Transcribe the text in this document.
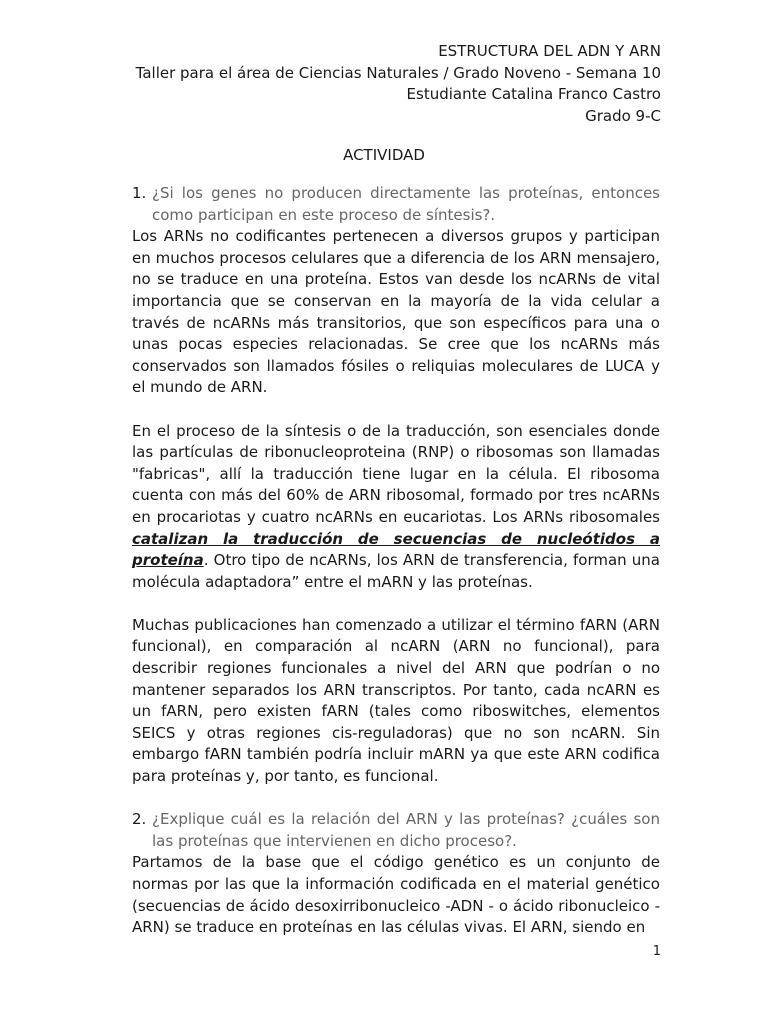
ESTRUCTURA DEL ADN Y ARN
Taller para el área de Ciencias Naturales / Grado Noveno - Semana 10
Estudiante Catalina Franco Castro
Grado 9-C
ACTIVIDAD
1. ¿Si los genes no producen directamente las proteínas, entonces como participan en este proceso de síntesis?.

Los ARNs no codificantes pertenecen a diversos grupos y participan en muchos procesos celulares que a diferencia de los ARN mensajero, no se traduce en una proteína. Estos van desde los ncARNs de vital importancia que se conservan en la mayoría de la vida celular a través de ncARNs más transitorios, que son específicos para una o unas pocas especies relacionadas. Se cree que los ncARNs más conservados son llamados fósiles o reliquias moleculares de LUCA y el mundo de ARN.

En el proceso de la síntesis o de la traducción, son esenciales donde las partículas de ribonucleoproteina (RNP) o ribosomas son llamadas "fabricas", allí la traducción tiene lugar en la célula. El ribosoma cuenta con más del 60% de ARN ribosomal, formado por tres ncARNs en procariotas y cuatro ncARNs en eucariotas. Los ARNs ribosomales catalizan la traducción de secuencias de nucleótidos a proteína. Otro tipo de ncARNs, los ARN de transferencia, forman una molécula adaptadora” entre el mARN y las proteínas.

Muchas publicaciones han comenzado a utilizar el término fARN (ARN funcional), en comparación al ncARN (ARN no funcional), para describir regiones funcionales a nivel del ARN que podrían o no mantener separados los ARN transcriptos. Por tanto, cada ncARN es un fARN, pero existen fARN (tales como riboswitches, elementos SEICS y otras regiones cis-reguladoras) que no son ncARN. Sin embargo fARN también podría incluir mARN ya que este ARN codifica para proteínas y, por tanto, es funcional.

2. ¿Explique cuál es la relación del ARN y las proteínas? ¿cuáles son las proteínas que intervienen en dicho proceso?.

Partamos de la base que el código genético es un conjunto de normas por las que la información codificada en el material genético (secuencias de ácido desoxirribonucleico -ADN - o ácido ribonucleico -ARN) se traduce en proteínas en las células vivas. El ARN, siendo en

1
